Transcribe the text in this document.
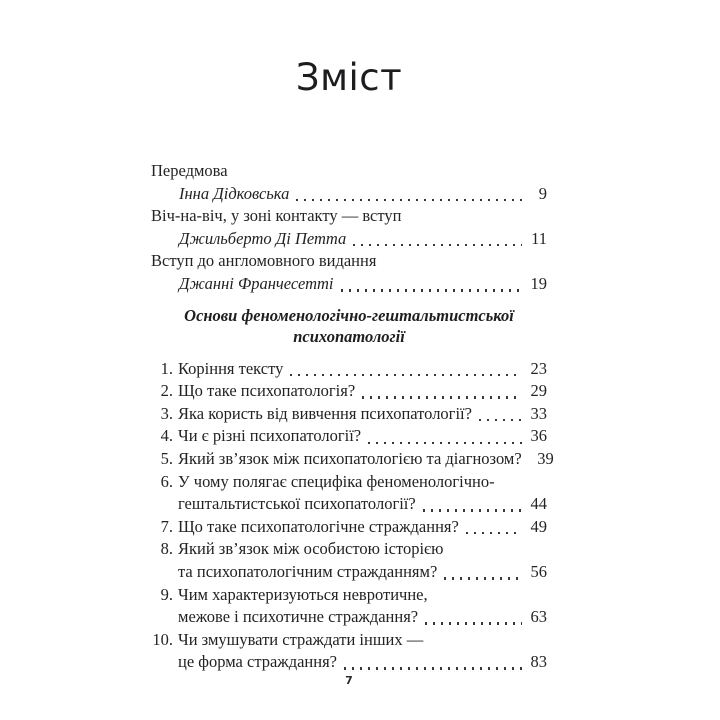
Зміст
Передмова
Інна Дідковська	9
Віч-на-віч, у зоні контакту — вступ
Джильберто Ді Петта	11
Вступ до англомовного видання
Джанні Франчесетті	19
Основи феноменологічно-гештальтистської психопатології
1. Коріння тексту	23
2. Що таке психопатологія?	29
3. Яка користь від вивчення психопатології?	33
4. Чи є різні психопатології?	36
5. Який зв’язок між психопатологією та діагнозом? 39
6. У чому полягає специфіка феноменологічно-
гештальтистської психопатології?	44
7. Що таке психопатологічне страждання?	49
8. Який зв’язок між особистою історією
та психопатологічним стражданням?	56
9. Чим характеризуються невротичне,
межове і психотичне страждання?	63
10. Чи змушувати страждати інших —
це форма страждання?	83
7
